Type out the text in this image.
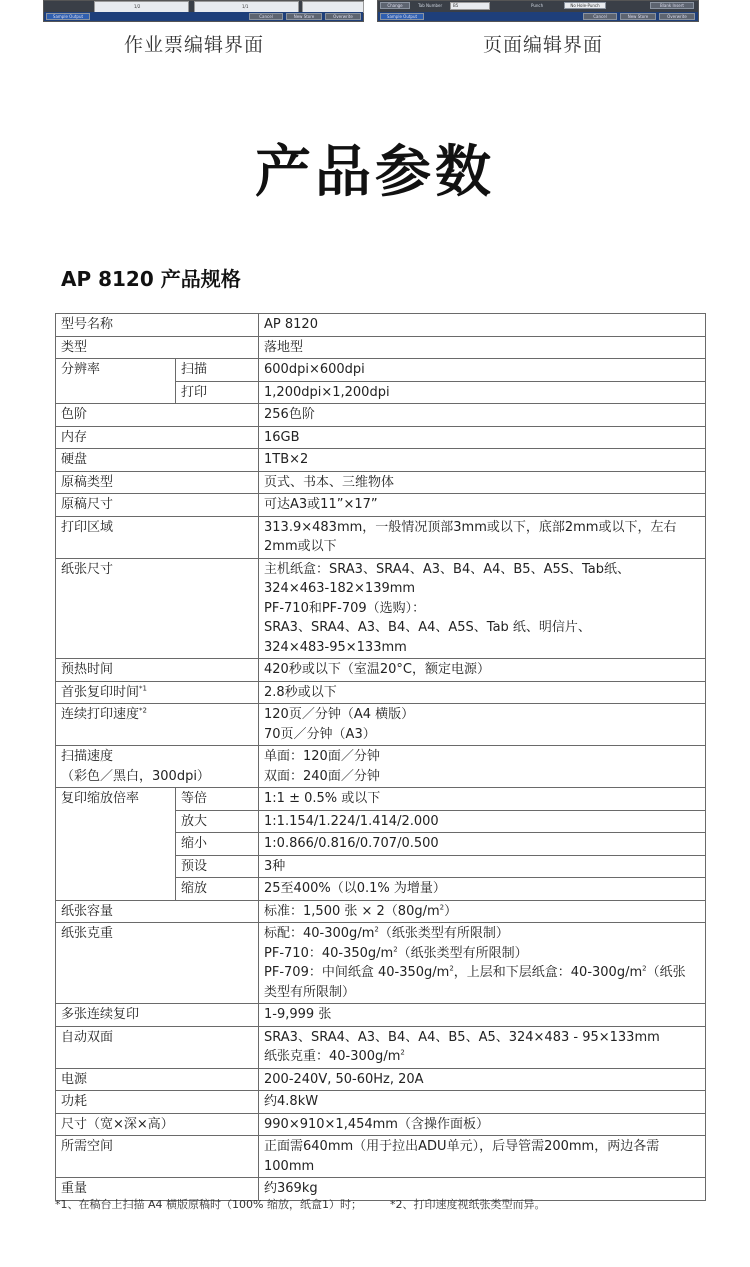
1/2	1/1
Sample Output	Cancel	New Store	Overwrite
Change	Tab Number	B5	Punch	No Hole-Punch	Blank Insert
Sample Output	Cancel	New Store	Overwrite
作业票编辑界面	页面编辑界面
产品参数
AP 8120 产品规格
型号名称		AP 8120
类型		落地型
分辨率	扫描	600dpi×600dpi
	打印	1,200dpi×1,200dpi
色阶		256色阶
内存		16GB
硬盘		1TB×2
原稿类型		页式、书本、三维物体
原稿尺寸		可达A3或11”×17”
打印区域		313.9×483mm，一般情况顶部3mm或以下，底部2mm或以下，左右
2mm或以下

纸张尺寸		主机纸盒：SRA3、SRA4、A3、B4、A4、B5、A5S、Tab纸、
324×463-182×139mm
PF-710和PF-709（选购）：
SRA3、SRA4、A3、B4、A4、A5S、Tab 纸、明信片、
324×483-95×133mm

预热时间		420秒或以下（室温20°C，额定电源）
首张复印时间$^{*1}$		2.8秒或以下
连续打印速度$^{*2}$		120页／分钟（A4 横版）
70页／分钟（A3）

扫描速度
（彩色／黑白，300dpi）		单面：120面／分钟
双面：240面／分钟

复印缩放倍率	等倍	1:1 ± 0.5% 或以下
	放大	1:1.154/1.224/1.414/2.000
	缩小	1:0.866/0.816/0.707/0.500
	预设	3种
	缩放	25至400%（以0.1% 为增量）
纸张容量		标准：1,500 张 × $2(80g/m^2)$
纸张克重		标配：$40-300g/m^2$（纸张类型有所限制）
PF-710：$40-350g/m^2$（纸张类型有所限制）
PF-709：中间纸盒 $40-350g/m^2$，上层和下层纸盒：$40-300g/m^2$（纸张
类型有所限制）

多张连续复印		1-9,999 张
自动双面		SRA3、SRA4、A3、B4、A4、B5、A5、324×483 - 95×133mm
纸张克重：$40-300g/m^2$

电源		200-240V, 50-60Hz, 20A
功耗		约4.8kW
尺寸（宽×深×高）		990×910×1,454mm（含操作面板）
所需空间		正面需640mm（用于拉出ADU单元），后导管需200mm，两边各需
100mm

重量		约369kg
*1、在稿台上扫描 A4 横版原稿时（100% 缩放，纸盒1）时；	*2、打印速度视纸张类型而异。
